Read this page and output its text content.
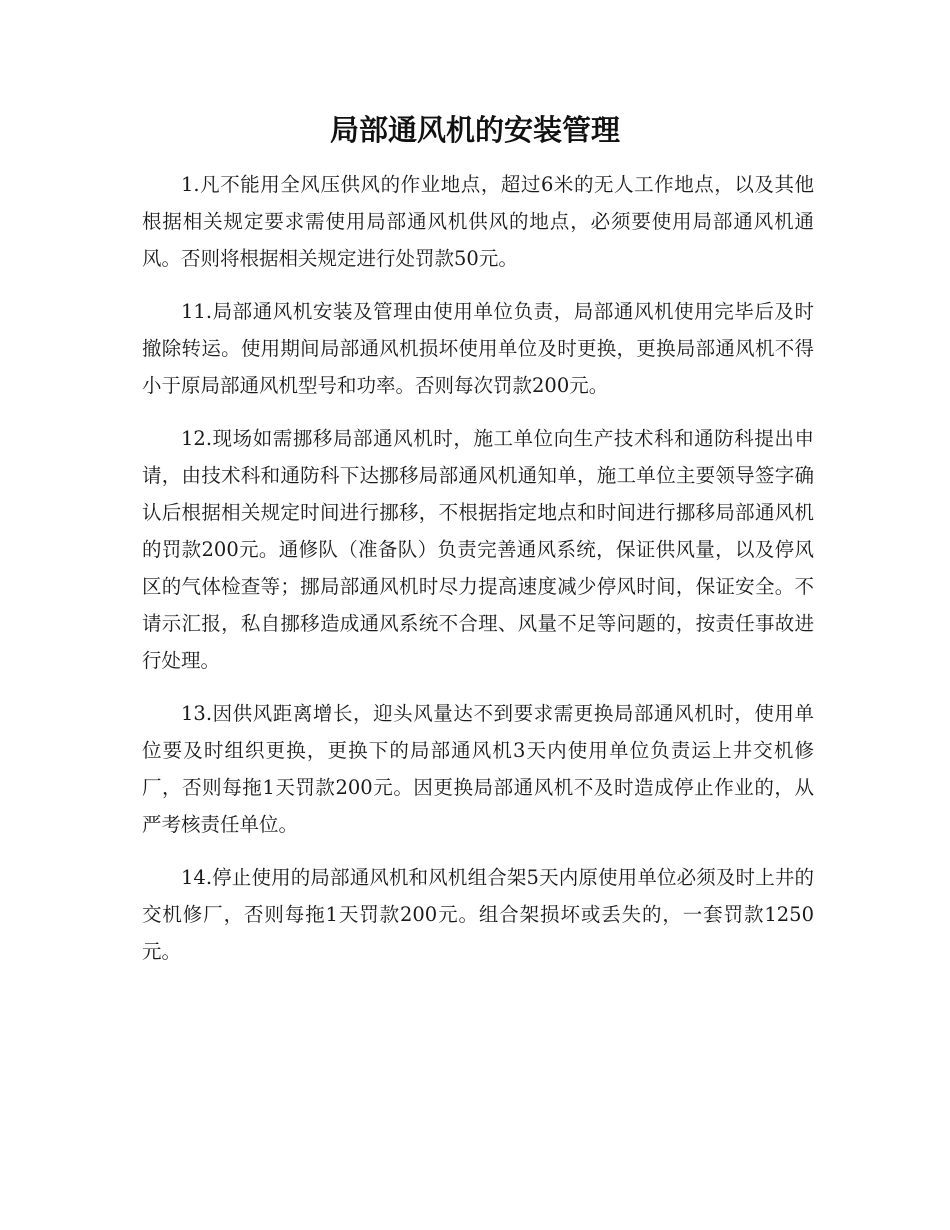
局部通风机的安装管理

1.凡不能用全风压供风的作业地点，超过6米的无人工作地点，以及其他根据相关规定要求需使用局部通风机供风的地点，必须要使用局部通风机通风。否则将根据相关规定进行处罚款50元。

11.局部通风机安装及管理由使用单位负责，局部通风机使用完毕后及时撤除转运。使用期间局部通风机损坏使用单位及时更换，更换局部通风机不得小于原局部通风机型号和功率。否则每次罚款200元。

12.现场如需挪移局部通风机时，施工单位向生产技术科和通防科提出申请，由技术科和通防科下达挪移局部通风机通知单，施工单位主要领导签字确认后根据相关规定时间进行挪移，不根据指定地点和时间进行挪移局部通风机的罚款200元。通修队（准备队）负责完善通风系统，保证供风量，以及停风区的气体检查等；挪局部通风机时尽力提高速度减少停风时间，保证安全。不请示汇报，私自挪移造成通风系统不合理、风量不足等问题的，按责任事故进行处理。

13.因供风距离增长，迎头风量达不到要求需更换局部通风机时，使用单位要及时组织更换，更换下的局部通风机3天内使用单位负责运上井交机修厂，否则每拖1天罚款200元。因更换局部通风机不及时造成停止作业的，从严考核责任单位。

14.停止使用的局部通风机和风机组合架5天内原使用单位必须及时上井的交机修厂，否则每拖1天罚款200元。组合架损坏或丢失的，一套罚款1250元。
